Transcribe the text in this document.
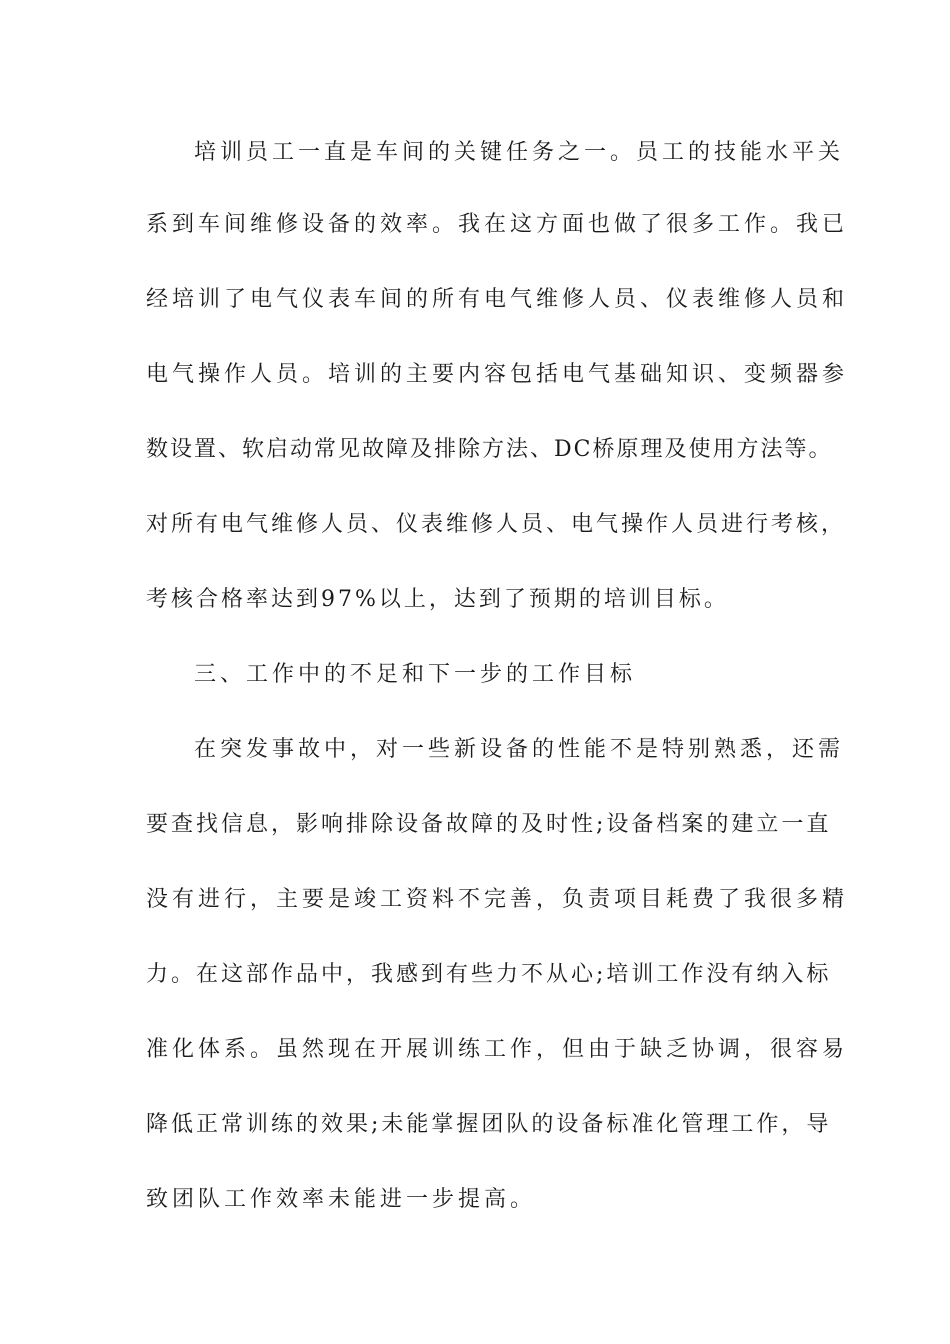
培训员工一直是车间的关键任务之一。员工的技能水平关
系到车间维修设备的效率。我在这方面也做了很多工作。我已
经培训了电气仪表车间的所有电气维修人员、仪表维修人员和
电气操作人员。培训的主要内容包括电气基础知识、变频器参
数设置、软启动常见故障及排除方法、DC桥原理及使用方法等。
对所有电气维修人员、仪表维修人员、电气操作人员进行考核，
考核合格率达到97%以上，达到了预期的培训目标。
三、工作中的不足和下一步的工作目标
在突发事故中，对一些新设备的性能不是特别熟悉，还需
要查找信息，影响排除设备故障的及时性;设备档案的建立一直
没有进行，主要是竣工资料不完善，负责项目耗费了我很多精
力。在这部作品中，我感到有些力不从心;培训工作没有纳入标
准化体系。虽然现在开展训练工作，但由于缺乏协调，很容易
降低正常训练的效果;未能掌握团队的设备标准化管理工作，导
致团队工作效率未能进一步提高。
